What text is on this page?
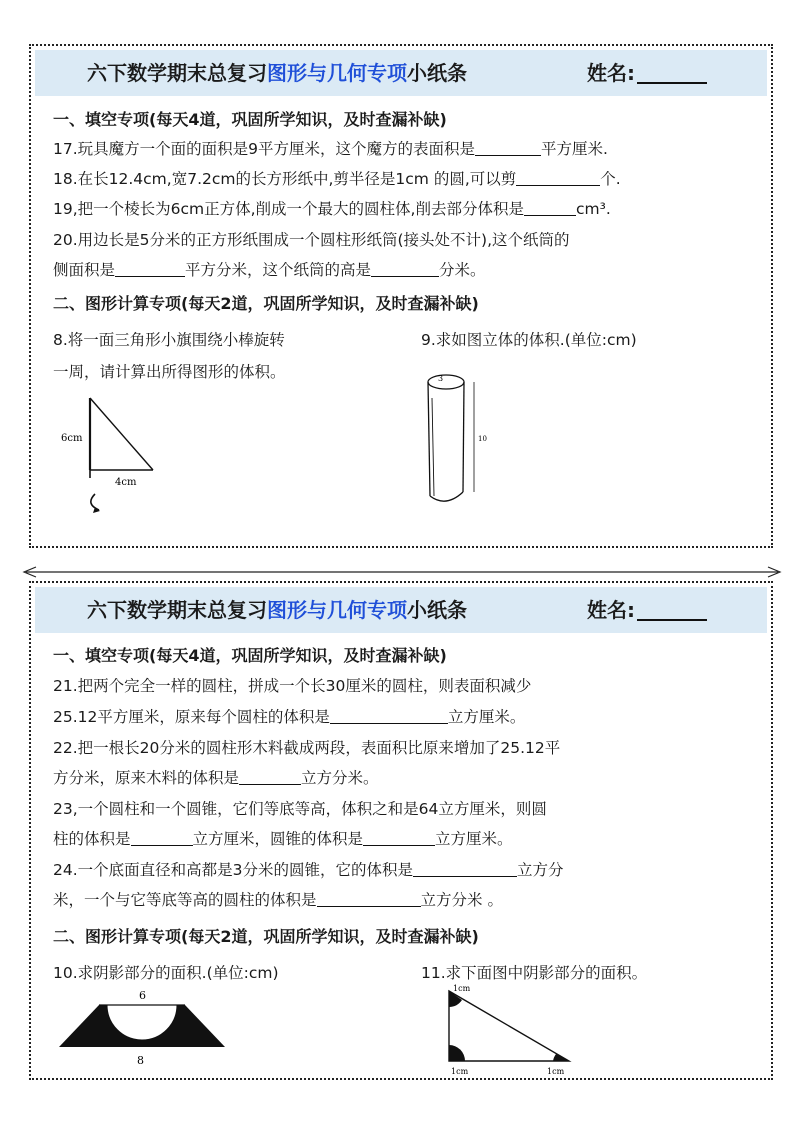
六下数学期末总复习图形与几何专项小纸条	姓名:
一、填空专项(每天4道，巩固所学知识，及时查漏补缺)
17.玩具魔方一个面的面积是9平方厘米，这个魔方的表面积是	平方厘米.
18.在长12.4cm,宽7.2cm的长方形纸中,剪半径是1cm 的圆,可以剪	个.
19,把一个棱长为6cm正方体,削成一个最大的圆柱体,削去部分体积是	cm³.
20.用边长是5分米的正方形纸围成一个圆柱形纸筒(接头处不计),这个纸筒的
侧面积是	平方分米，这个纸筒的高是	分米。
二、图形计算专项(每天2道，巩固所学知识，及时查漏补缺)
8.将一面三角形小旗围绕小棒旋转
一周，请计算出所得图形的体积。
9.求如图立体的体积.(单位:cm)
6cm
4cm
3
10
六下数学期末总复习图形与几何专项小纸条	姓名:
一、填空专项(每天4道，巩固所学知识，及时查漏补缺)
21.把两个完全一样的圆柱，拼成一个长30厘米的圆柱，则表面积减少
25.12平方厘米，原来每个圆柱的体积是	立方厘米。
22.把一根长20分米的圆柱形木料截成两段，表面积比原来增加了25.12平
方分米，原来木料的体积是	立方分米。
23,一个圆柱和一个圆锥，它们等底等高，体积之和是64立方厘米，则圆
柱的体积是	立方厘米，圆锥的体积是	立方厘米。
24.一个底面直径和高都是3分米的圆锥，它的体积是	立方分
米，一个与它等底等高的圆柱的体积是	立方分米 。
二、图形计算专项(每天2道，巩固所学知识，及时查漏补缺)
10.求阴影部分的面积.(单位:cm)	11.求下面图中阴影部分的面积。
6
8
1cm
1cm	1cm
